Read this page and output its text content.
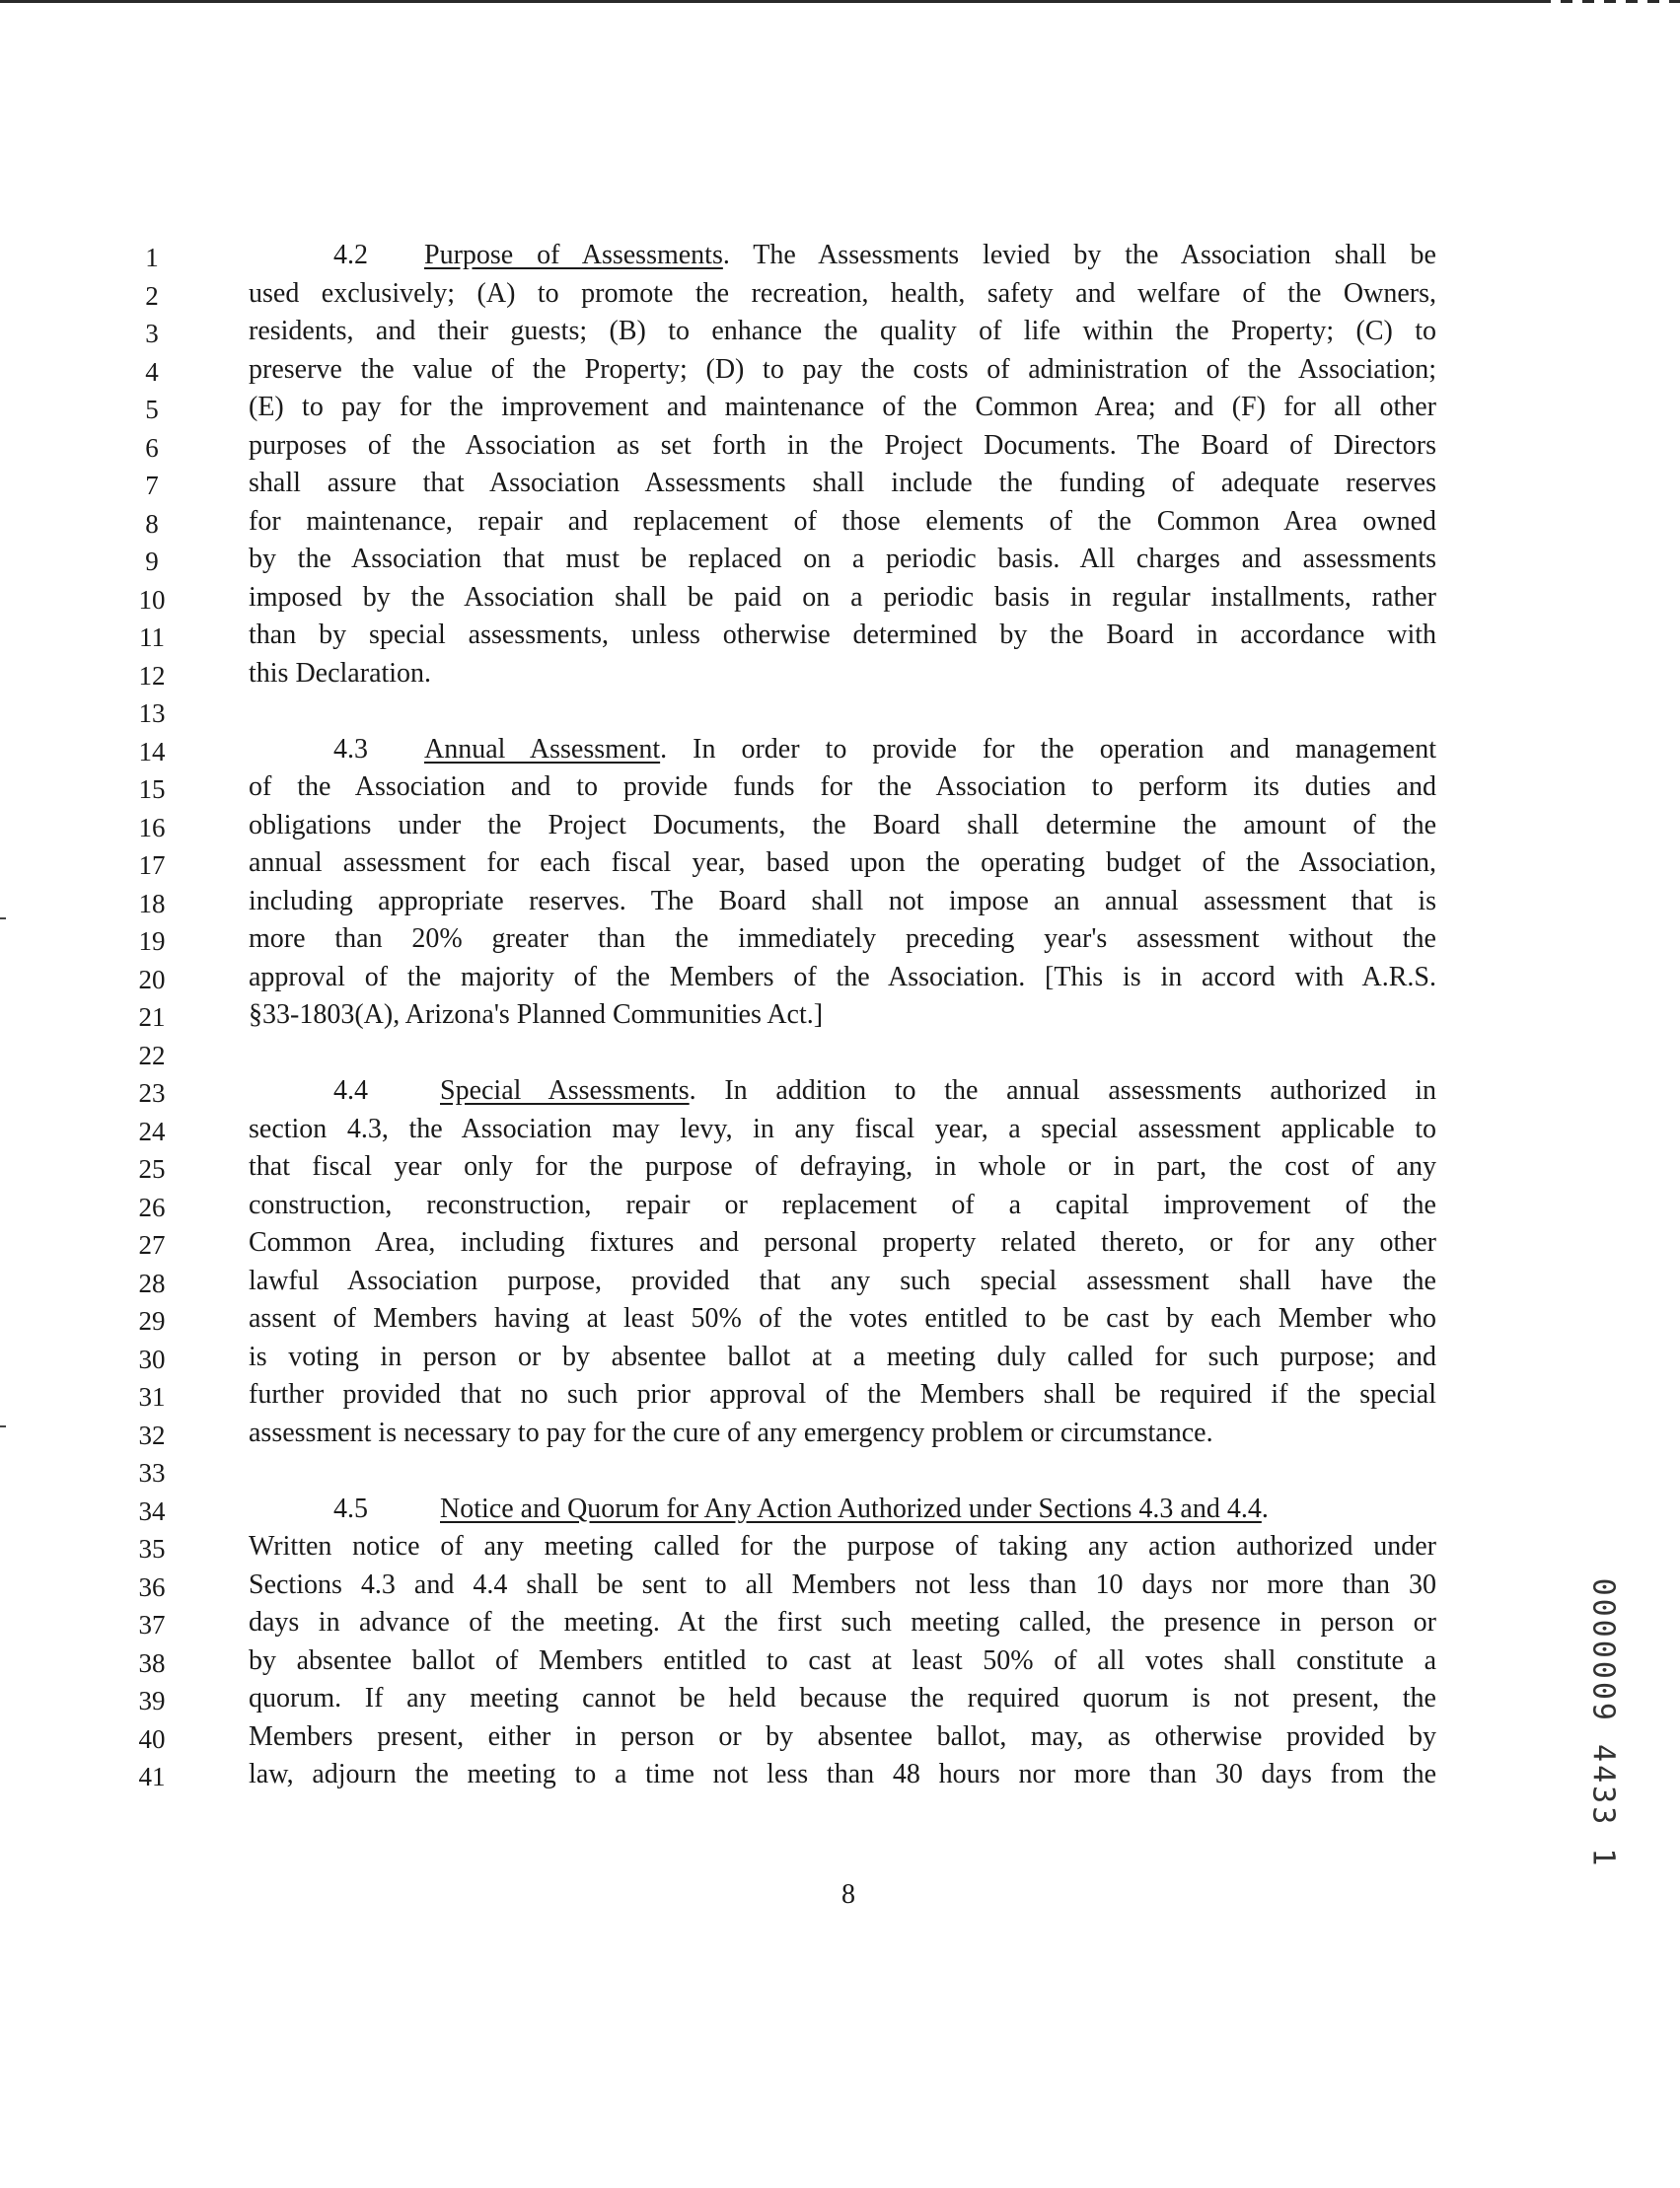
13
22
33
1	4.2 Purpose of Assessments. The Assessments levied by the Association shall be
2	used exclusively; (A) to promote the recreation, health, safety and welfare of the Owners,
3	residents, and their guests; (B) to enhance the quality of life within the Property; (C) to
4	preserve the value of the Property; (D) to pay the costs of administration of the Association;
5	(E) to pay for the improvement and maintenance of the Common Area; and (F) for all other
6	purposes of the Association as set forth in the Project Documents. The Board of Directors
7	shall assure that Association Assessments shall include the funding of adequate reserves
8	for maintenance, repair and replacement of those elements of the Common Area owned
9	by the Association that must be replaced on a periodic basis. All charges and assessments
10	imposed by the Association shall be paid on a periodic basis in regular installments, rather
11	than by special assessments, unless otherwise determined by the Board in accordance with
12	this Declaration.
14	4.3 Annual Assessment. In order to provide for the operation and management
15	of the Association and to provide funds for the Association to perform its duties and
16	obligations under the Project Documents, the Board shall determine the amount of the
17	annual assessment for each fiscal year, based upon the operating budget of the Association,
18	including appropriate reserves. The Board shall not impose an annual assessment that is
19	more than 20% greater than the immediately preceding year's assessment without the
20	approval of the majority of the Members of the Association. [This is in accord with A.R.S.
21	§33-1803(A), Arizona's Planned Communities Act.]
23	4.4	Special Assessments. In addition to the annual assessments authorized in
24	section 4.3, the Association may levy, in any fiscal year, a special assessment applicable to
25	that fiscal year only for the purpose of defraying, in whole or in part, the cost of any
26	construction, reconstruction, repair or replacement of a capital improvement of the
27	Common Area, including fixtures and personal property related thereto, or for any other
28	lawful Association purpose, provided that any such special assessment shall have the
29	assent of Members having at least 50% of the votes entitled to be cast by each Member who
30	is voting in person or by absentee ballot at a meeting duly called for such purpose; and
31	further provided that no such prior approval of the Members shall be required if the special
32	assessment is necessary to pay for the cure of any emergency problem or circumstance.
34	4.5	Notice and Quorum for Any Action Authorized under Sections 4.3 and 4.4.
35	Written notice of any meeting called for the purpose of taking any action authorized under
36	Sections 4.3 and 4.4 shall be sent to all Members not less than 10 days nor more than 30
37	days in advance of the meeting. At the first such meeting called, the presence in person or
38	by absentee ballot of Members entitled to cast at least 50% of all votes shall constitute a
39	quorum. If any meeting cannot be held because the required quorum is not present, the
40	Members present, either in person or by absentee ballot, may, as otherwise provided by
41	law, adjourn the meeting to a time not less than 48 hours nor more than 30 days from the
8
0000009 4433 1
